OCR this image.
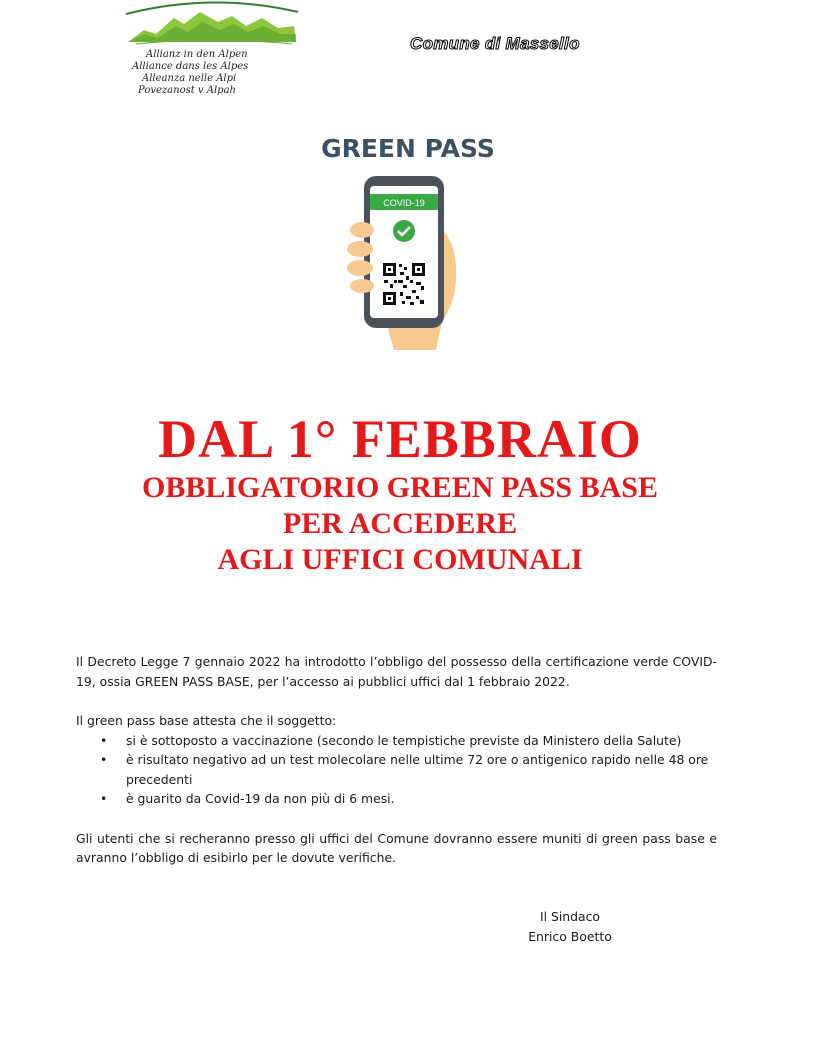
Allianz in den Alpen
Alliance dans les Alpes
Alleanza nelle Alpi
Povezanost v Alpah
Comune di Massello
GREEN PASS
COVID-19
DAL 1° FEBBRAIO
OBBLIGATORIO GREEN PASS BASE
PER ACCEDERE
AGLI UFFICI COMUNALI

Il Decreto Legge 7 gennaio 2022 ha introdotto l’obbligo del possesso della certificazione verde COVID-19, ossia GREEN PASS BASE, per l’accesso ai pubblici uffici dal 1 febbraio 2022.

Il green pass base attesta che il soggetto:

• si è sottoposto a vaccinazione (secondo le tempistiche previste da Ministero della Salute)
• è risultato negativo ad un test molecolare nelle ultime 72 ore o antigenico rapido nelle 48 ore precedenti
• è guarito da Covid-19 da non più di 6 mesi.

Gli utenti che si recheranno presso gli uffici del Comune dovranno essere muniti di green pass base e avranno l’obbligo di esibirlo per le dovute verifiche.

Il Sindaco
Enrico Boetto
